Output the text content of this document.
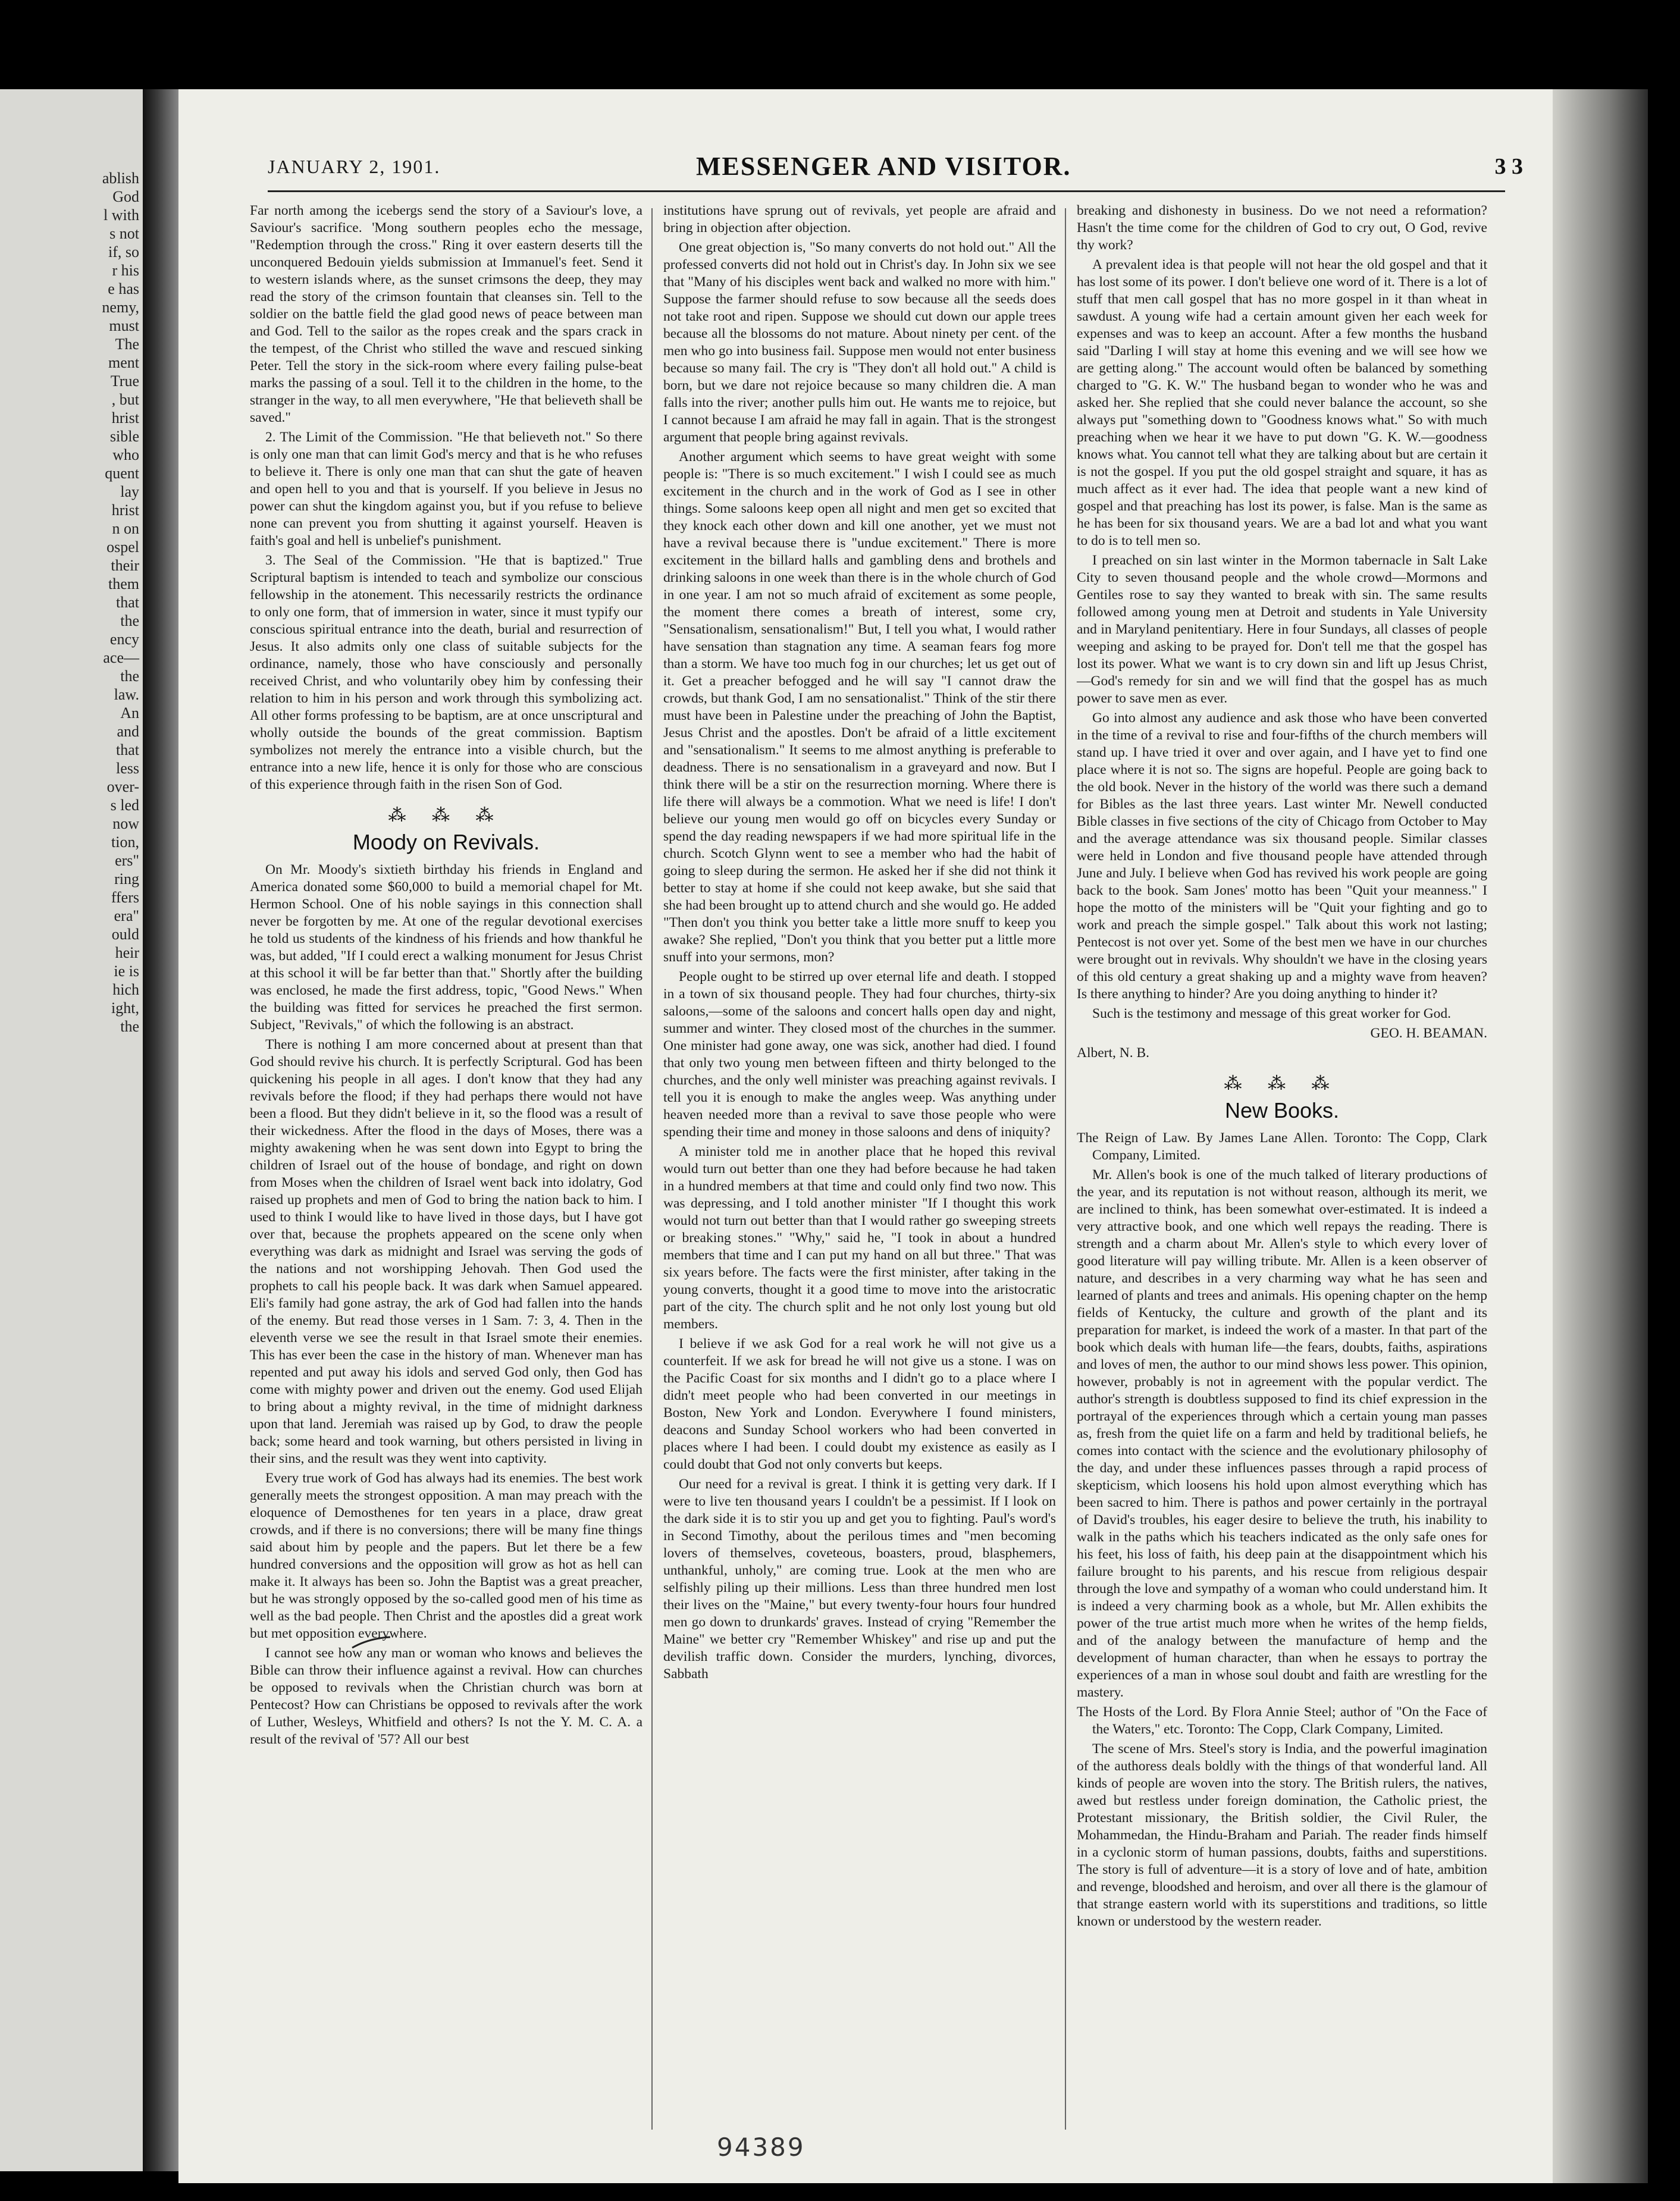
ablish
God
l with
s not
if, so
r his
e has
nemy,
must
The
ment
True
, but
hrist
sible
who
quent
lay
hrist
n on
ospel
their
them
that
the
ency
ace—
the
law.
An
and
that
less
over-
s led
now
tion,
ers"
ring
ffers
era"
ould
heir
ie is
hich
ight,
the
JANUARY 2, 1901.	MESSENGER AND VISITOR.	3 3

Far north among the icebergs send the story of a Saviour's love, a Saviour's sacrifice. 'Mong southern peoples echo the message, "Redemption through the cross." Ring it over eastern deserts till the unconquered Bedouin yields submission at Immanuel's feet. Send it to western islands where, as the sunset crimsons the deep, they may read the story of the crimson fountain that cleanses sin. Tell to the soldier on the battle field the glad good news of peace between man and God. Tell to the sailor as the ropes creak and the spars crack in the tempest, of the Christ who stilled the wave and rescued sinking Peter. Tell the story in the sick-room where every failing pulse-beat marks the passing of a soul. Tell it to the children in the home, to the stranger in the way, to all men everywhere, "He that believeth shall be saved."

2. The Limit of the Commission. "He that believeth not." So there is only one man that can limit God's mercy and that is he who refuses to believe it. There is only one man that can shut the gate of heaven and open hell to you and that is yourself. If you believe in Jesus no power can shut the kingdom against you, but if you refuse to believe none can prevent you from shutting it against yourself. Heaven is faith's goal and hell is unbelief's punishment.

3. The Seal of the Commission. "He that is baptized." True Scriptural baptism is intended to teach and symbolize our conscious fellowship in the atonement. This necessarily restricts the ordinance to only one form, that of immersion in water, since it must typify our conscious spiritual entrance into the death, burial and resurrection of Jesus. It also admits only one class of suitable subjects for the ordinance, namely, those who have consciously and personally received Christ, and who voluntarily obey him by confessing their relation to him in his person and work through this symbolizing act. All other forms professing to be baptism, are at once unscriptural and wholly outside the bounds of the great commission. Baptism symbolizes not merely the entrance into a visible church, but the entrance into a new life, hence it is only for those who are conscious of this experience through faith in the risen Son of God.

⁂ ⁂ ⁂
Moody on Revivals.

On Mr. Moody's sixtieth birthday his friends in England and America donated some $60,000 to build a memorial chapel for Mt. Hermon School. One of his noble sayings in this connection shall never be forgotten by me. At one of the regular devotional exercises he told us students of the kindness of his friends and how thankful he was, but added, "If I could erect a walking monument for Jesus Christ at this school it will be far better than that." Shortly after the building was enclosed, he made the first address, topic, "Good News." When the building was fitted for services he preached the first sermon. Subject, "Revivals," of which the following is an abstract.

There is nothing I am more concerned about at present than that God should revive his church. It is perfectly Scriptural. God has been quickening his people in all ages. I don't know that they had any revivals before the flood; if they had perhaps there would not have been a flood. But they didn't believe in it, so the flood was a result of their wickedness. After the flood in the days of Moses, there was a mighty awakening when he was sent down into Egypt to bring the children of Israel out of the house of bondage, and right on down from Moses when the children of Israel went back into idolatry, God raised up prophets and men of God to bring the nation back to him. I used to think I would like to have lived in those days, but I have got over that, because the prophets appeared on the scene only when everything was dark as midnight and Israel was serving the gods of the nations and not worshipping Jehovah. Then God used the prophets to call his people back. It was dark when Samuel appeared. Eli's family had gone astray, the ark of God had fallen into the hands of the enemy. But read those verses in 1 Sam. 7: 3, 4. Then in the eleventh verse we see the result in that Israel smote their enemies. This has ever been the case in the history of man. Whenever man has repented and put away his idols and served God only, then God has come with mighty power and driven out the enemy. God used Elijah to bring about a mighty revival, in the time of midnight darkness upon that land. Jeremiah was raised up by God, to draw the people back; some heard and took warning, but others persisted in living in their sins, and the result was they went into captivity.

Every true work of God has always had its enemies. The best work generally meets the strongest opposition. A man may preach with the eloquence of Demosthenes for ten years in a place, draw great crowds, and if there is no conversions; there will be many fine things said about him by people and the papers. But let there be a few hundred conversions and the opposition will grow as hot as hell can make it. It always has been so. John the Baptist was a great preacher, but he was strongly opposed by the so-called good men of his time as well as the bad people. Then Christ and the apostles did a great work but met opposition everywhere.

I cannot see how any man or woman who knows and believes the Bible can throw their influence against a revival. How can churches be opposed to revivals when the Christian church was born at Pentecost? How can Christians be opposed to revivals after the work of Luther, Wesleys, Whitfield and others? Is not the Y. M. C. A. a result of the revival of '57? All our best

institutions have sprung out of revivals, yet people are afraid and bring in objection after objection.

One great objection is, "So many converts do not hold out." All the professed converts did not hold out in Christ's day. In John six we see that "Many of his disciples went back and walked no more with him." Suppose the farmer should refuse to sow because all the seeds does not take root and ripen. Suppose we should cut down our apple trees because all the blossoms do not mature. About ninety per cent. of the men who go into business fail. Suppose men would not enter business because so many fail. The cry is "They don't all hold out." A child is born, but we dare not rejoice because so many children die. A man falls into the river; another pulls him out. He wants me to rejoice, but I cannot because I am afraid he may fall in again. That is the strongest argument that people bring against revivals.

Another argument which seems to have great weight with some people is: "There is so much excitement." I wish I could see as much excitement in the church and in the work of God as I see in other things. Some saloons keep open all night and men get so excited that they knock each other down and kill one another, yet we must not have a revival because there is "undue excitement." There is more excitement in the billard halls and gambling dens and brothels and drinking saloons in one week than there is in the whole church of God in one year. I am not so much afraid of excitement as some people, the moment there comes a breath of interest, some cry, "Sensationalism, sensationalism!" But, I tell you what, I would rather have sensation than stagnation any time. A seaman fears fog more than a storm. We have too much fog in our churches; let us get out of it. Get a preacher befogged and he will say "I cannot draw the crowds, but thank God, I am no sensationalist." Think of the stir there must have been in Palestine under the preaching of John the Baptist, Jesus Christ and the apostles. Don't be afraid of a little excitement and "sensationalism." It seems to me almost anything is preferable to deadness. There is no sensationalism in a graveyard and now. But I think there will be a stir on the resurrection morning. Where there is life there will always be a commotion. What we need is life! I don't believe our young men would go off on bicycles every Sunday or spend the day reading newspapers if we had more spiritual life in the church. Scotch Glynn went to see a member who had the habit of going to sleep during the sermon. He asked her if she did not think it better to stay at home if she could not keep awake, but she said that she had been brought up to attend church and she would go. He added "Then don't you think you better take a little more snuff to keep you awake? She replied, "Don't you think that you better put a little more snuff into your sermons, mon?

People ought to be stirred up over eternal life and death. I stopped in a town of six thousand people. They had four churches, thirty-six saloons,—some of the saloons and concert halls open day and night, summer and winter. They closed most of the churches in the summer. One minister had gone away, one was sick, another had died. I found that only two young men between fifteen and thirty belonged to the churches, and the only well minister was preaching against revivals. I tell you it is enough to make the angles weep. Was anything under heaven needed more than a revival to save those people who were spending their time and money in those saloons and dens of iniquity?

A minister told me in another place that he hoped this revival would turn out better than one they had before because he had taken in a hundred members at that time and could only find two now. This was depressing, and I told another minister "If I thought this work would not turn out better than that I would rather go sweeping streets or breaking stones." "Why," said he, "I took in about a hundred members that time and I can put my hand on all but three." That was six years before. The facts were the first minister, after taking in the young converts, thought it a good time to move into the aristocratic part of the city. The church split and he not only lost young but old members.

I believe if we ask God for a real work he will not give us a counterfeit. If we ask for bread he will not give us a stone. I was on the Pacific Coast for six months and I didn't go to a place where I didn't meet people who had been converted in our meetings in Boston, New York and London. Everywhere I found ministers, deacons and Sunday School workers who had been converted in places where I had been. I could doubt my existence as easily as I could doubt that God not only converts but keeps.

Our need for a revival is great. I think it is getting very dark. If I were to live ten thousand years I couldn't be a pessimist. If I look on the dark side it is to stir you up and get you to fighting. Paul's word's in Second Timothy, about the perilous times and "men becoming lovers of themselves, coveteous, boasters, proud, blasphemers, unthankful, unholy," are coming true. Look at the men who are selfishly piling up their millions. Less than three hundred men lost their lives on the "Maine," but every twenty-four hours four hundred men go down to drunkards' graves. Instead of crying "Remember the Maine" we better cry "Remember Whiskey" and rise up and put the devilish traffic down. Consider the murders, lynching, divorces, Sabbath

breaking and dishonesty in business. Do we not need a reformation? Hasn't the time come for the children of God to cry out, O God, revive thy work?

A prevalent idea is that people will not hear the old gospel and that it has lost some of its power. I don't believe one word of it. There is a lot of stuff that men call gospel that has no more gospel in it than wheat in sawdust. A young wife had a certain amount given her each week for expenses and was to keep an account. After a few months the husband said "Darling I will stay at home this evening and we will see how we are getting along." The account would often be balanced by something charged to "G. K. W." The husband began to wonder who he was and asked her. She replied that she could never balance the account, so she always put "something down to "Goodness knows what." So with much preaching when we hear it we have to put down "G. K. W.—goodness knows what. You cannot tell what they are talking about but are certain it is not the gospel. If you put the old gospel straight and square, it has as much affect as it ever had. The idea that people want a new kind of gospel and that preaching has lost its power, is false. Man is the same as he has been for six thousand years. We are a bad lot and what you want to do is to tell men so.

I preached on sin last winter in the Mormon tabernacle in Salt Lake City to seven thousand people and the whole crowd—Mormons and Gentiles rose to say they wanted to break with sin. The same results followed among young men at Detroit and students in Yale University and in Maryland penitentiary. Here in four Sundays, all classes of people weeping and asking to be prayed for. Don't tell me that the gospel has lost its power. What we want is to cry down sin and lift up Jesus Christ,—God's remedy for sin and we will find that the gospel has as much power to save men as ever.

Go into almost any audience and ask those who have been converted in the time of a revival to rise and four-fifths of the church members will stand up. I have tried it over and over again, and I have yet to find one place where it is not so. The signs are hopeful. People are going back to the old book. Never in the history of the world was there such a demand for Bibles as the last three years. Last winter Mr. Newell conducted Bible classes in five sections of the city of Chicago from October to May and the average attendance was six thousand people. Similar classes were held in London and five thousand people have attended through June and July. I believe when God has revived his work people are going back to the book. Sam Jones' motto has been "Quit your meanness." I hope the motto of the ministers will be "Quit your fighting and go to work and preach the simple gospel." Talk about this work not lasting; Pentecost is not over yet. Some of the best men we have in our churches were brought out in revivals. Why shouldn't we have in the closing years of this old century a great shaking up and a mighty wave from heaven? Is there anything to hinder? Are you doing anything to hinder it?

Such is the testimony and message of this great worker for God.

GEO. H. BEAMAN.

Albert, N. B.

⁂ ⁂ ⁂
New Books.

The Reign of Law. By James Lane Allen. Toronto: The Copp, Clark Company, Limited.

Mr. Allen's book is one of the much talked of literary productions of the year, and its reputation is not without reason, although its merit, we are inclined to think, has been somewhat over-estimated. It is indeed a very attractive book, and one which well repays the reading. There is strength and a charm about Mr. Allen's style to which every lover of good literature will pay willing tribute. Mr. Allen is a keen observer of nature, and describes in a very charming way what he has seen and learned of plants and trees and animals. His opening chapter on the hemp fields of Kentucky, the culture and growth of the plant and its preparation for market, is indeed the work of a master. In that part of the book which deals with human life—the fears, doubts, faiths, aspirations and loves of men, the author to our mind shows less power. This opinion, however, probably is not in agreement with the popular verdict. The author's strength is doubtless supposed to find its chief expression in the portrayal of the experiences through which a certain young man passes as, fresh from the quiet life on a farm and held by traditional beliefs, he comes into contact with the science and the evolutionary philosophy of the day, and under these influences passes through a rapid process of skepticism, which loosens his hold upon almost everything which has been sacred to him. There is pathos and power certainly in the portrayal of David's troubles, his eager desire to believe the truth, his inability to walk in the paths which his teachers indicated as the only safe ones for his feet, his loss of faith, his deep pain at the disappointment which his failure brought to his parents, and his rescue from religious despair through the love and sympathy of a woman who could understand him. It is indeed a very charming book as a whole, but Mr. Allen exhibits the power of the true artist much more when he writes of the hemp fields, and of the analogy between the manufacture of hemp and the development of human character, than when he essays to portray the experiences of a man in whose soul doubt and faith are wrestling for the mastery.

The Hosts of the Lord. By Flora Annie Steel; author of "On the Face of the Waters," etc. Toronto: The Copp, Clark Company, Limited.

The scene of Mrs. Steel's story is India, and the powerful imagination of the authoress deals boldly with the things of that wonderful land. All kinds of people are woven into the story. The British rulers, the natives, awed but restless under foreign domination, the Catholic priest, the Protestant missionary, the British soldier, the Civil Ruler, the Mohammedan, the Hindu-Braham and Pariah. The reader finds himself in a cyclonic storm of human passions, doubts, faiths and superstitions. The story is full of adventure—it is a story of love and of hate, ambition and revenge, bloodshed and heroism, and over all there is the glamour of that strange eastern world with its superstitions and traditions, so little known or understood by the western reader.

94389
